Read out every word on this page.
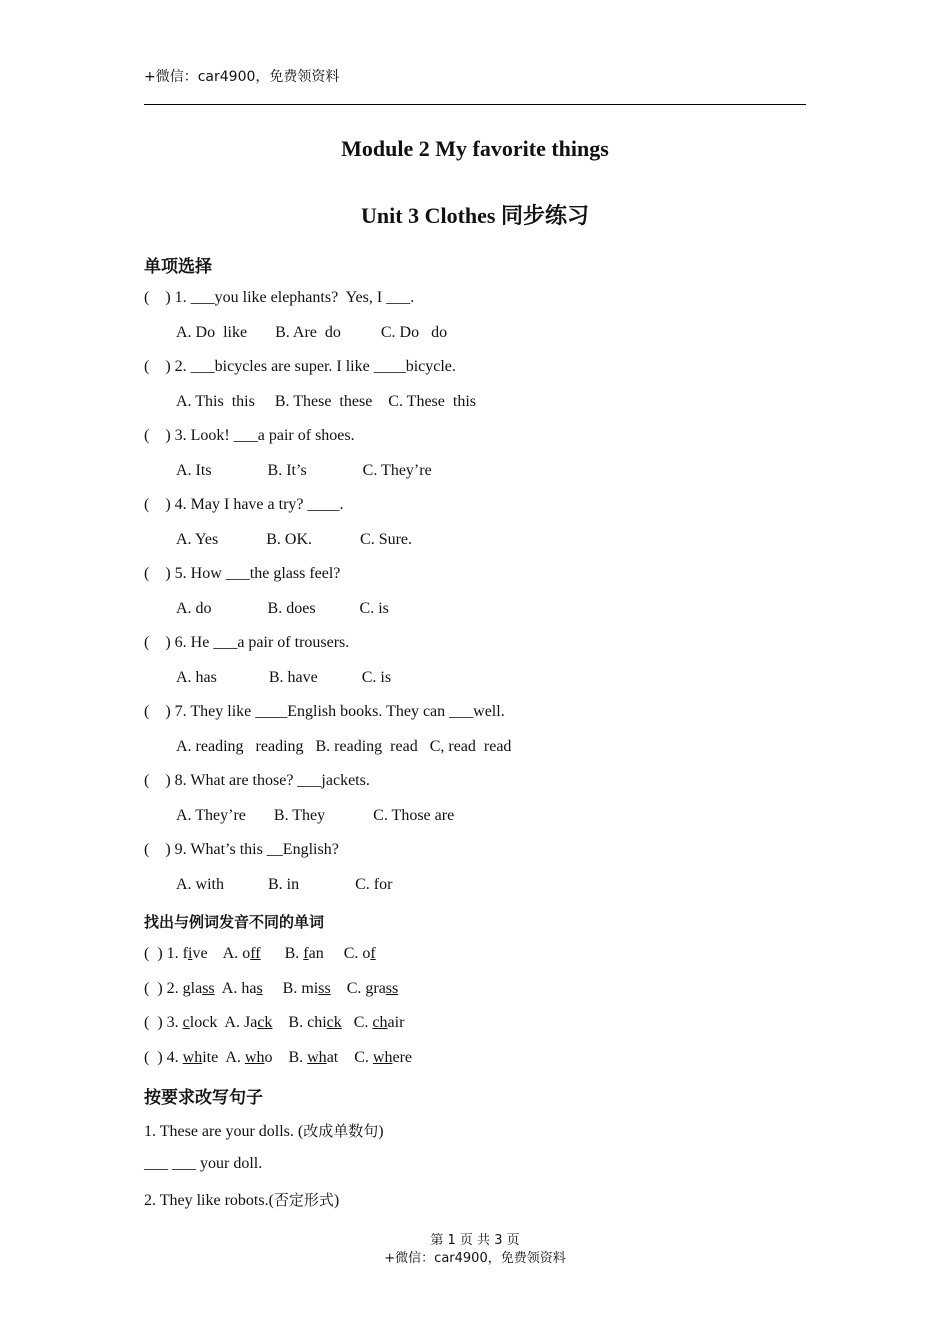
+微信：car4900，免费领资料
Module 2 My favorite things
Unit 3 Clothes 同步练习
单项选择
(    ) 1. ___you like elephants?  Yes, I ___.
A. Do  like       B. Are  do          C. Do   do
(    ) 2. ___bicycles are super. I like ____bicycle.
A. This  this     B. These  these    C. These  this
(    ) 3. Look! ___a pair of shoes.
A. Its              B. It’s              C. They’re
(    ) 4. May I have a try? ____.
A. Yes            B. OK.            C. Sure.
(    ) 5. How ___the glass feel?
A. do              B. does           C. is
(    ) 6. He ___a pair of trousers.
A. has             B. have           C. is
(    ) 7. They like ____English books. They can ___well.
A. reading   reading   B. reading  read   C, read  read
(    ) 8. What are those? ___jackets.
A. They’re       B. They            C. Those are
(    ) 9. What’s this __English?
A. with           B. in              C. for
找出与例词发音不同的单词
(  ) 1. five    A. off      B. fan     C. of
(  ) 2. glass  A. has     B. miss    C. grass
(  ) 3. clock  A. Jack    B. chick   C. chair
(  ) 4. white  A. who    B. what    C. where
按要求改写句子
1. These are your dolls. (改成单数句)
___ ___ your doll.
2. They like robots.(否定形式)
第 1 页 共 3 页
+微信：car4900，免费领资料
